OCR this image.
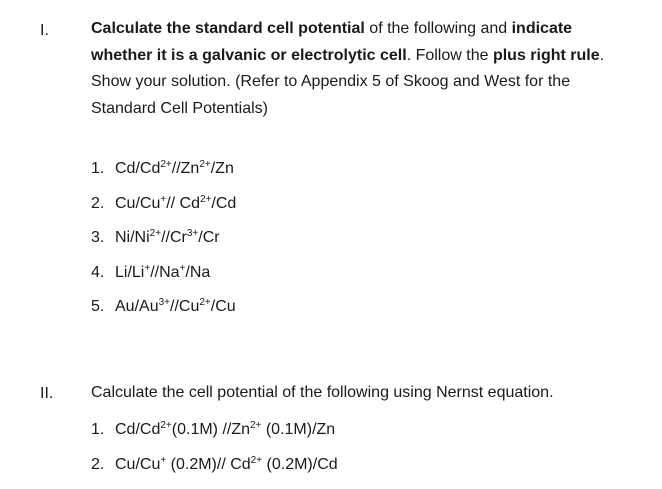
I.	Calculate the standard cell potential of the following and indicate whether it is a galvanic or electrolytic cell. Follow the plus right rule. Show your solution. (Refer to Appendix 5 of Skoog and West for the Standard Cell Potentials)
1. $Cd/Cd^{2+}//Zn^{2+}/Zn$
2. Cu/Cu+// $Cd^{2+}/Cd$
3. $Ni/Ni^{2+}//Cr^{3+}/Cr$
4. Li/Li+//Na+/Na
5. $Au/Au^{3+}//Cu^{2+}/Cu$
II. Calculate the cell potential of the following using Nernst equation.
1. $Cd/Cd^{2+}(0.1M)$ $//Zn^{2+}$ (0.1M)/Zn
2. Cu/Cu+ (0.2M)// $Cd^{2+}$ (0.2M)/Cd
